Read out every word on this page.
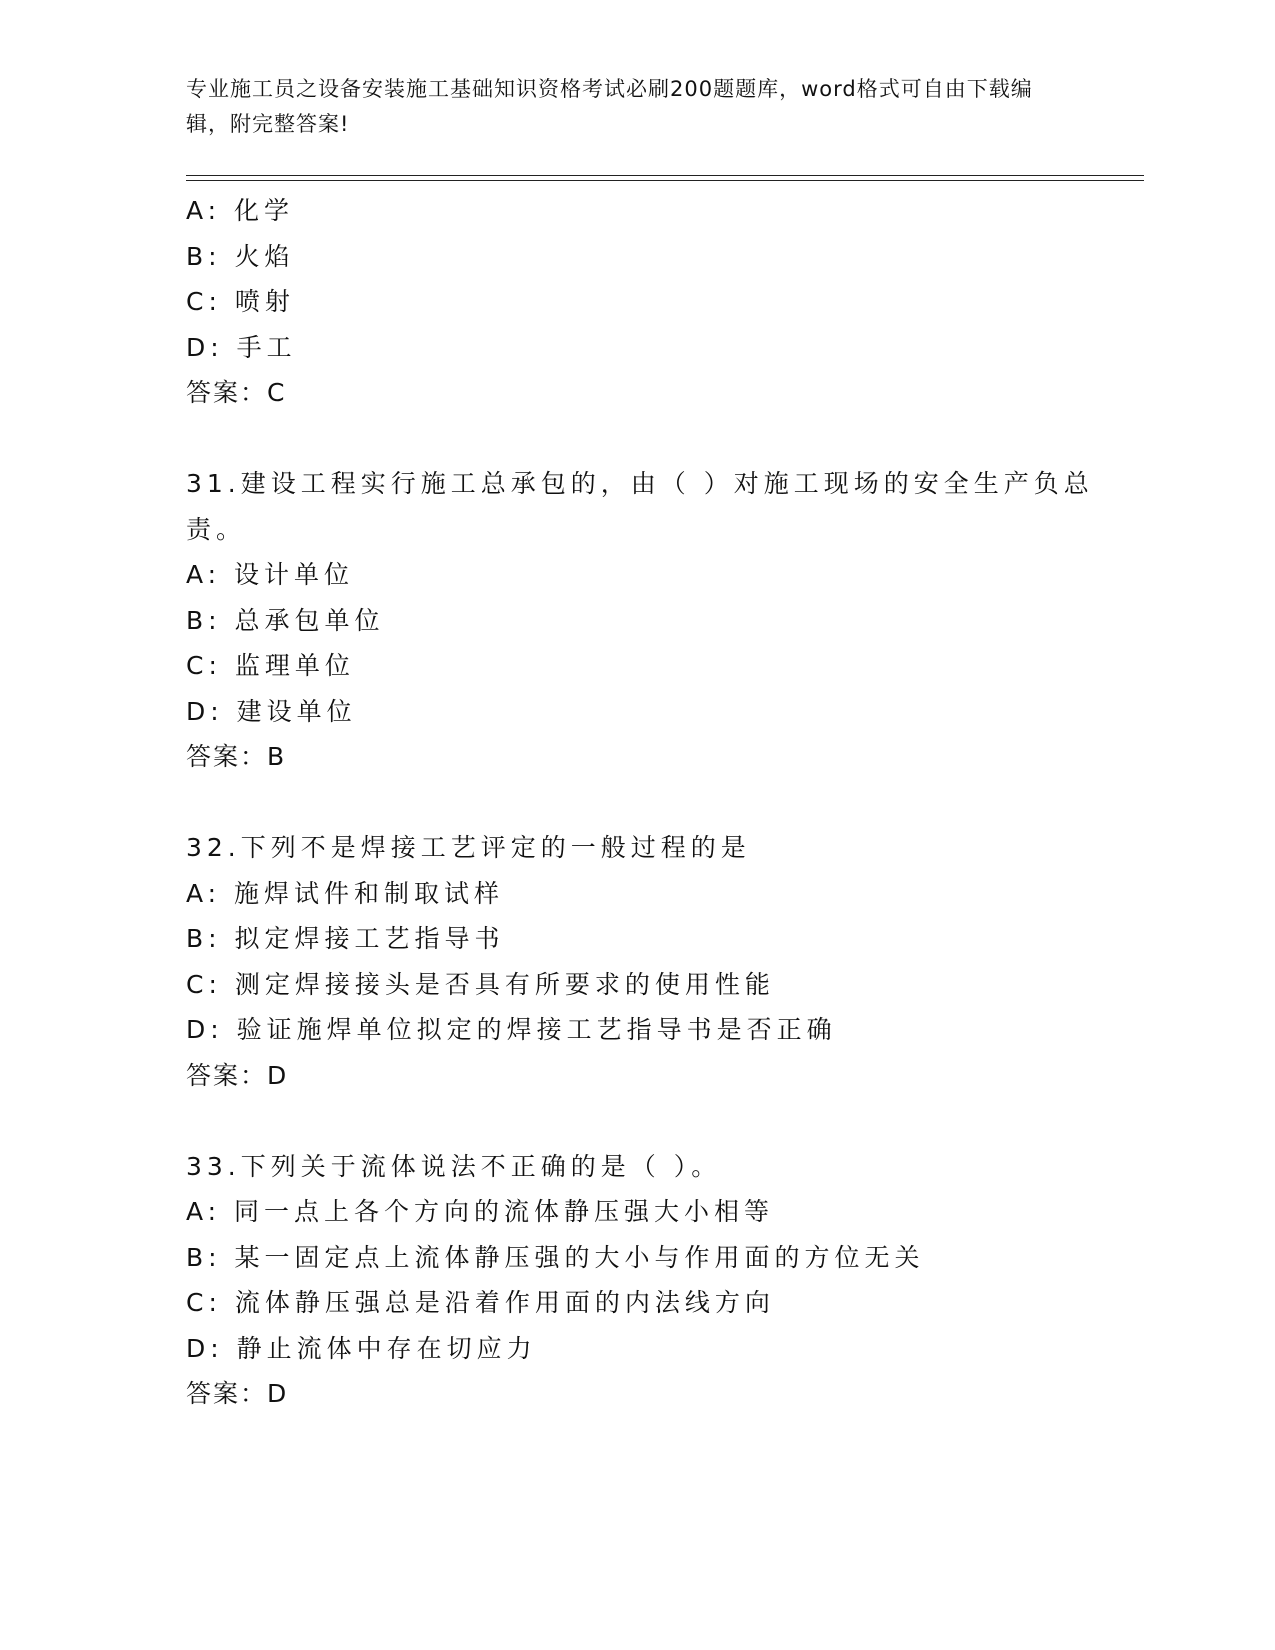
专业施工员之设备安装施工基础知识资格考试必刷200题题库，word格式可自由下载编辑，附完整答案!
A: 化学
B: 火焰
C: 喷射
D: 手工
答案：C
31.建设工程实行施工总承包的，由（ ）对施工现场的安全生产负总
责。
A: 设计单位
B: 总承包单位
C: 监理单位
D: 建设单位
答案：B
32.下列不是焊接工艺评定的一般过程的是
A: 施焊试件和制取试样
B: 拟定焊接工艺指导书
C: 测定焊接接头是否具有所要求的使用性能
D: 验证施焊单位拟定的焊接工艺指导书是否正确
答案：D
33.下列关于流体说法不正确的是（ ）。
A: 同一点上各个方向的流体静压强大小相等
B: 某一固定点上流体静压强的大小与作用面的方位无关
C: 流体静压强总是沿着作用面的内法线方向
D: 静止流体中存在切应力
答案：D
